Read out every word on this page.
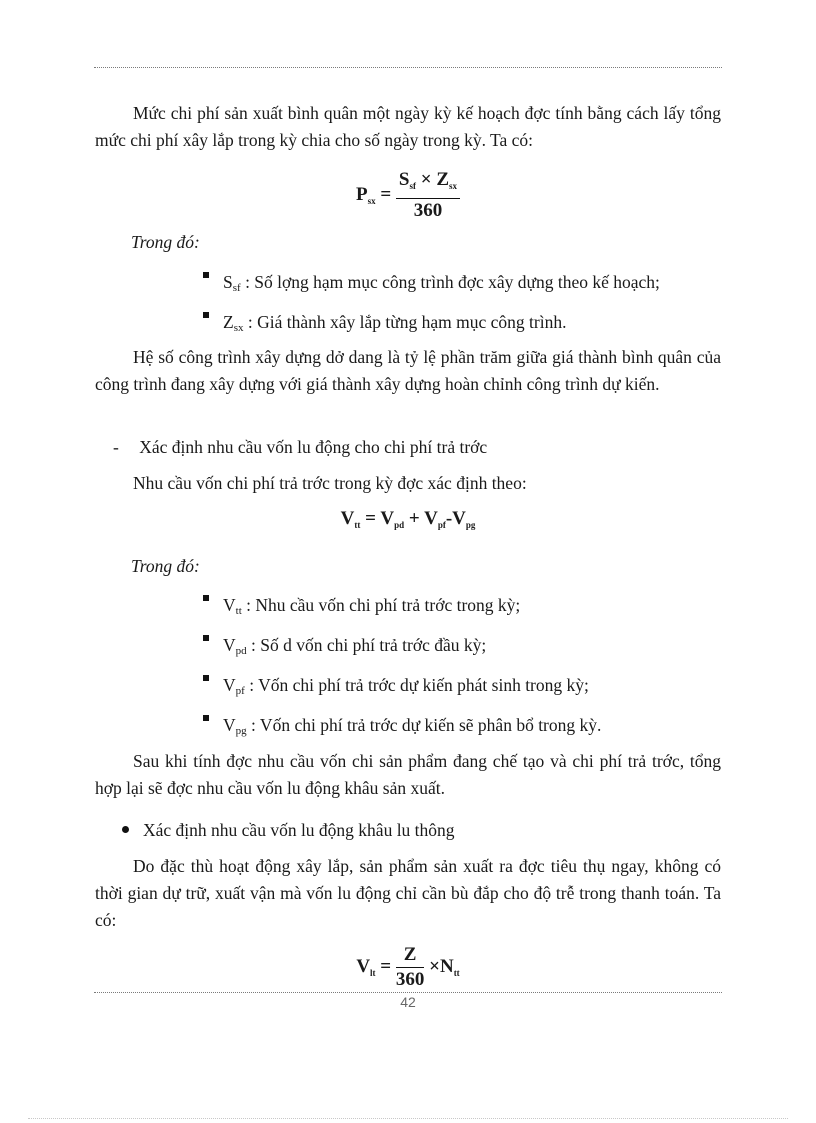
Mức chi phí sản xuất bình quân một ngày kỳ kế hoạch đợc tính bằng cách lấy tổng mức chi phí xây lắp trong kỳ chia cho số ngày trong kỳ. Ta có:
$P_{sx} = \frac{S_{sf} \times Z_{sx}}{360}$
Trong đó:
Ssf : Số lợng hạm mục công trình đợc xây dựng theo kế hoạch;
Zsx : Giá thành xây lắp từng hạm mục công trình.
Hệ số công trình xây dựng dở dang là tỷ lệ phần trăm giữa giá thành bình quân của công trình đang xây dựng với giá thành xây dựng hoàn chỉnh công trình dự kiến.
- Xác định nhu cầu vốn lu động cho chi phí trả trớc
Nhu cầu vốn chi phí trả trớc trong kỳ đợc xác định theo:
$V_{tt} = V_{pd} + V_{pf}-V_{pg}$
Trong đó:
Vtt : Nhu cầu vốn chi phí trả trớc trong kỳ;
Vpd : Số d vốn chi phí trả trớc đầu kỳ;
Vpf : Vốn chi phí trả trớc dự kiến phát sinh trong kỳ;
Vpg : Vốn chi phí trả trớc dự kiến sẽ phân bổ trong kỳ.
Sau khi tính đợc nhu cầu vốn chi sản phẩm đang chế tạo và chi phí trả trớc, tổng hợp lại sẽ đợc nhu cầu vốn lu động khâu sản xuất.
Xác định nhu cầu vốn lu động khâu lu thông
Do đặc thù hoạt động xây lắp, sản phẩm sản xuất ra đợc tiêu thụ ngay, không có thời gian dự trữ, xuất vận mà vốn lu động chỉ cần bù đắp cho độ trễ trong thanh toán. Ta có:
$V_{lt} = \frac{Z}{360} \times N_{tt}$
42
